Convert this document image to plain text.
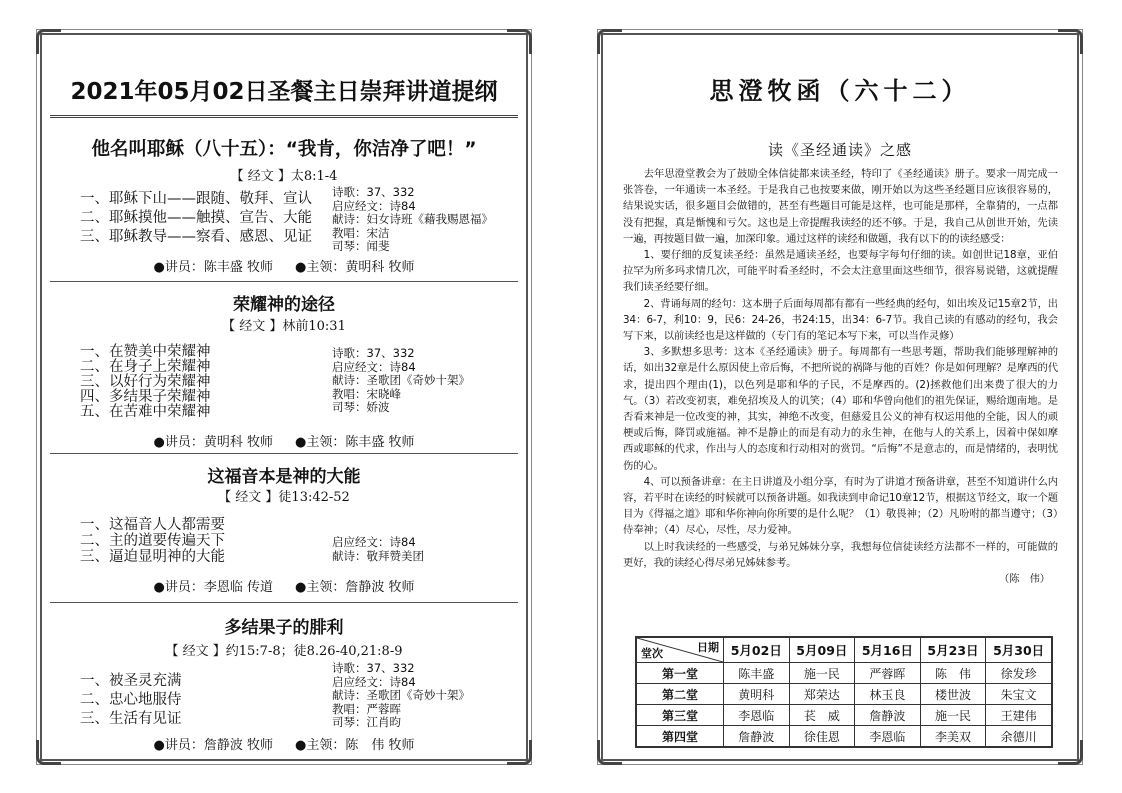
2021年05月02日圣餐主日崇拜讲道提纲
他名叫耶稣（八十五）：“我肯，你洁净了吧！”
【 经文 】太8:1-4
一、耶稣下山——跟随、敬拜、宣认
二、耶稣摸他——触摸、宣告、大能
三、耶稣教导——察看、感恩、见证
诗歌：37、332
启应经文：诗84
献诗：妇女诗班《藉我赐恩福》
教唱：宋洁
司琴：闻斐
●讲员：陈丰盛 牧师 ●主领：黄明科 牧师
荣耀神的途径
【 经文 】林前10:31
一、在赞美中荣耀神
二、在身子上荣耀神
三、以好行为荣耀神
四、多结果子荣耀神
五、在苦难中荣耀神
诗歌：37、332
启应经文：诗84
献诗：圣歌团《奇妙十架》
教唱：宋晓峰
司琴：娇波
●讲员：黄明科 牧师 ●主领：陈丰盛 牧师
这福音本是神的大能
【 经文 】徒13:42-52
一、这福音人人都需要
二、主的道要传遍天下
三、逼迫显明神的大能
启应经文：诗84
献诗：敬拜赞美团
●讲员：李恩临 传道 ●主领：詹静波 牧师
多结果子的腓利
【 经文 】约15:7-8；徒8.26-40,21:8-9
一、被圣灵充满
二、忠心地服侍
三、生活有见证
诗歌：37、332
启应经文：诗84
献诗：圣歌团《奇妙十架》
教唱：严蓉晖
司琴：江肖昀
●讲员：詹静波 牧师 ●主领：陈　伟 牧师
思澄牧函（六十二）
读《圣经通读》之感

去年思澄堂教会为了鼓励全体信徒都来读圣经，特印了《圣经通读》册子。要求一周完成一张答卷，一年通读一本圣经。于是我自己也按要来做，刚开始以为这些圣经题目应该很容易的，结果说实话，很多题目会做错的，甚至有些题目可能是这样，也可能是那样，全靠猜的，一点都没有把握，真是惭愧和亏欠。这也是上帝提醒我读经的还不够。于是，我自己从创世开始，先读一遍，再按题目做一遍，加深印象。通过这样的读经和做题，我有以下的的读经感受：

1、要仔细的反复读圣经：虽然是通读圣经，也要每字每句仔细的读。如创世记18章，亚伯拉罕为所多玛求情几次，可能平时看圣经时，不会太注意里面这些细节，很容易说错，这就提醒我们读圣经要仔细。

2、背诵每周的经句：这本册子后面每周都有都有一些经典的经句，如出埃及记15章2节，出34：6-7，利10：9，民6：24-26，书24:15，出34：6-7节。我自己读的有感动的经句，我会写下来，以前读经也是这样做的（专门有的笔记本写下来，可以当作灵修）

3、多默想多思考：这本《圣经通读》册子。每周都有一些思考题，帮助我们能够理解神的话，如出32章是什么原因使上帝后悔，不把所说的祸降与他的百姓？你是如何理解？是摩西的代求，提出四个理由(1)，以色列是耶和华的子民，不是摩西的。(2)拯救他们出来费了很大的力气。（3）若改变初衷，难免招埃及人的讥笑；（4）耶和华曾向他们的祖先保证，赐给迦南地。是否看来神是一位改变的神，其实，神绝不改变，但慈爱且公义的神有权运用他的全能，因人的顽梗或后悔，降罚或施福。神不是静止的而是有动力的永生神，在他与人的关系上，因着中保如摩西或耶稣的代求，作出与人的态度和行动相对的赏罚。“后悔”不是意志的，而是情绪的，表明忧伤的心。

4、可以预备讲章：在主日讲道及小组分享，有时为了讲道才预备讲章，甚至不知道讲什么内容，若平时在读经的时候就可以预备讲题。如我读到申命记10章12节，根据这节经文，取一个题目为《得福之道》耶和华你神向你所要的是什么呢？（1）敬畏神；（2）凡吩咐的都当遵守；（3）侍奉神；（4）尽心，尽性，尽力爱神。

以上时我读经的一些感受，与弟兄姊妹分享，我想每位信徒读经方法都不一样的，可能做的更好，我的读经心得尽弟兄姊妹参考。

（陈　伟）
日期
堂次	5月02日	5月09日	5月16日	5月23日	5月30日
第一堂	陈丰盛	施一民	严蓉晖	陈　伟	徐发珍
第二堂	黄明科	郑荣达	林玉良	楼世波	朱宝文
第三堂	李恩临	苌　威	詹静波	施一民	王建伟
第四堂	詹静波	徐佳恩	李恩临	李美双	余德川
